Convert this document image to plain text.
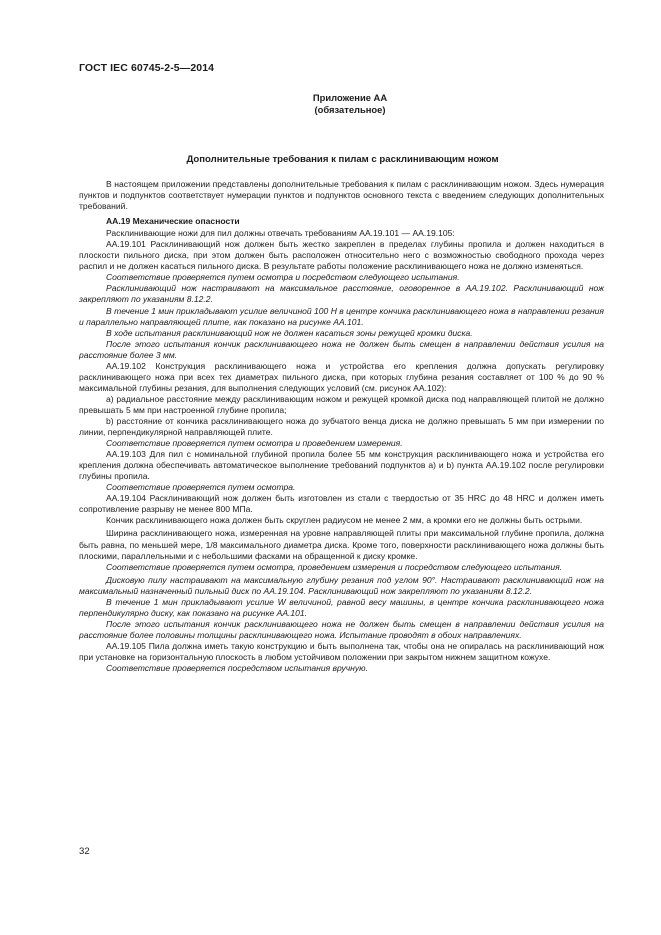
ГОСТ IEC 60745-2-5—2014
Приложение АА
(обязательное)
Дополнительные требования к пилам с расклинивающим ножом

В настоящем приложении представлены дополнительные требования к пилам с расклинивающим ножом. Здесь нумерация пунктов и подпунктов соответствует нумерации пунктов и подпунктов основного текста с введением следующих дополнительных требований.

АА.19 Механические опасности

Расклинивающие ножи для пил должны отвечать требованиям АА.19.101 — АА.19.105:

АА.19.101 Расклинивающий нож должен быть жестко закреплен в пределах глубины пропила и должен находиться в плоскости пильного диска, при этом должен быть расположен относительно него с возможностью свободного прохода через распил и не должен касаться пильного диска. В результате работы положение расклинивающего ножа не должно изменяться.

Соответствие проверяется путем осмотра и посредством следующего испытания.

Расклинивающий нож настраивают на максимальное расстояние, оговоренное в АА.19.102. Расклинивающий нож закрепляют по указаниям 8.12.2.

В течение 1 мин прикладывают усилие величиной 100 Н в центре кончика расклинивающего ножа в направлении резания и параллельно направляющей плите, как показано на рисунке АА.101.

В ходе испытания расклинивающий нож не должен касаться зоны режущей кромки диска.

После этого испытания кончик расклинивающего ножа не должен быть смещен в направлении действия усилия на расстояние более 3 мм.

АА.19.102 Конструкция расклинивающего ножа и устройства его крепления должна допускать регулировку расклинивающего ножа при всех тех диаметрах пильного диска, при которых глубина резания составляет от 100 % до 90 % максимальной глубины резания, для выполнения следующих условий (см. рисунок АА.102):

а) радиальное расстояние между расклинивающим ножом и режущей кромкой диска под направляющей плитой не должно превышать 5 мм при настроенной глубине пропила;

b) расстояние от кончика расклинивающего ножа до зубчатого венца диска не должно превышать 5 мм при измерении по линии, перпендикулярной направляющей плите.

Соответствие проверяется путем осмотра и проведением измерения.

АА.19.103 Для пил с номинальной глубиной пропила более 55 мм конструкция расклинивающего ножа и устройства его крепления должна обеспечивать автоматическое выполнение требований подпунктов а) и b) пункта АА.19.102 после регулировки глубины пропила.

Соответствие проверяется путем осмотра.

АА.19.104 Расклинивающий нож должен быть изготовлен из стали с твердостью от 35 HRC до 48 HRC и должен иметь сопротивление разрыву не менее 800 МПа.

Кончик расклинивающего ножа должен быть скруглен радиусом не менее 2 мм, а кромки его не должны быть острыми.

Ширина расклинивающего ножа, измеренная на уровне направляющей плиты при максимальной глубине пропила, должна быть равна, по меньшей мере, 1/8 максимального диаметра диска. Кроме того, поверхности расклинивающего ножа должны быть плоскими, параллельными и с небольшими фасками на обращенной к диску кромке.

Соответствие проверяется путем осмотра, проведением измерения и посредством следующего испытания.

Дисковую пилу настраивают на максимальную глубину резания под углом 90°. Настраивают расклинивающий нож на максимальный назначенный пильный диск по АА.19.104. Расклинивающий нож закрепляют по указаниям 8.12.2.

В течение 1 мин прикладывают усилие W величиной, равной весу машины, в центре кончика расклинивающего ножа перпендикулярно диску, как показано на рисунке АА.101.

После этого испытания кончик расклинивающего ножа не должен быть смещен в направлении действия усилия на расстояние более половины толщины расклинивающего ножа. Испытание проводят в обоих направлениях.

АА.19.105 Пила должна иметь такую конструкцию и быть выполнена так, чтобы она не опиралась на расклинивающий нож при установке на горизонтальную плоскость в любом устойчивом положении при закрытом нижнем защитном кожухе.

Соответствие проверяется посредством испытания вручную.

32
